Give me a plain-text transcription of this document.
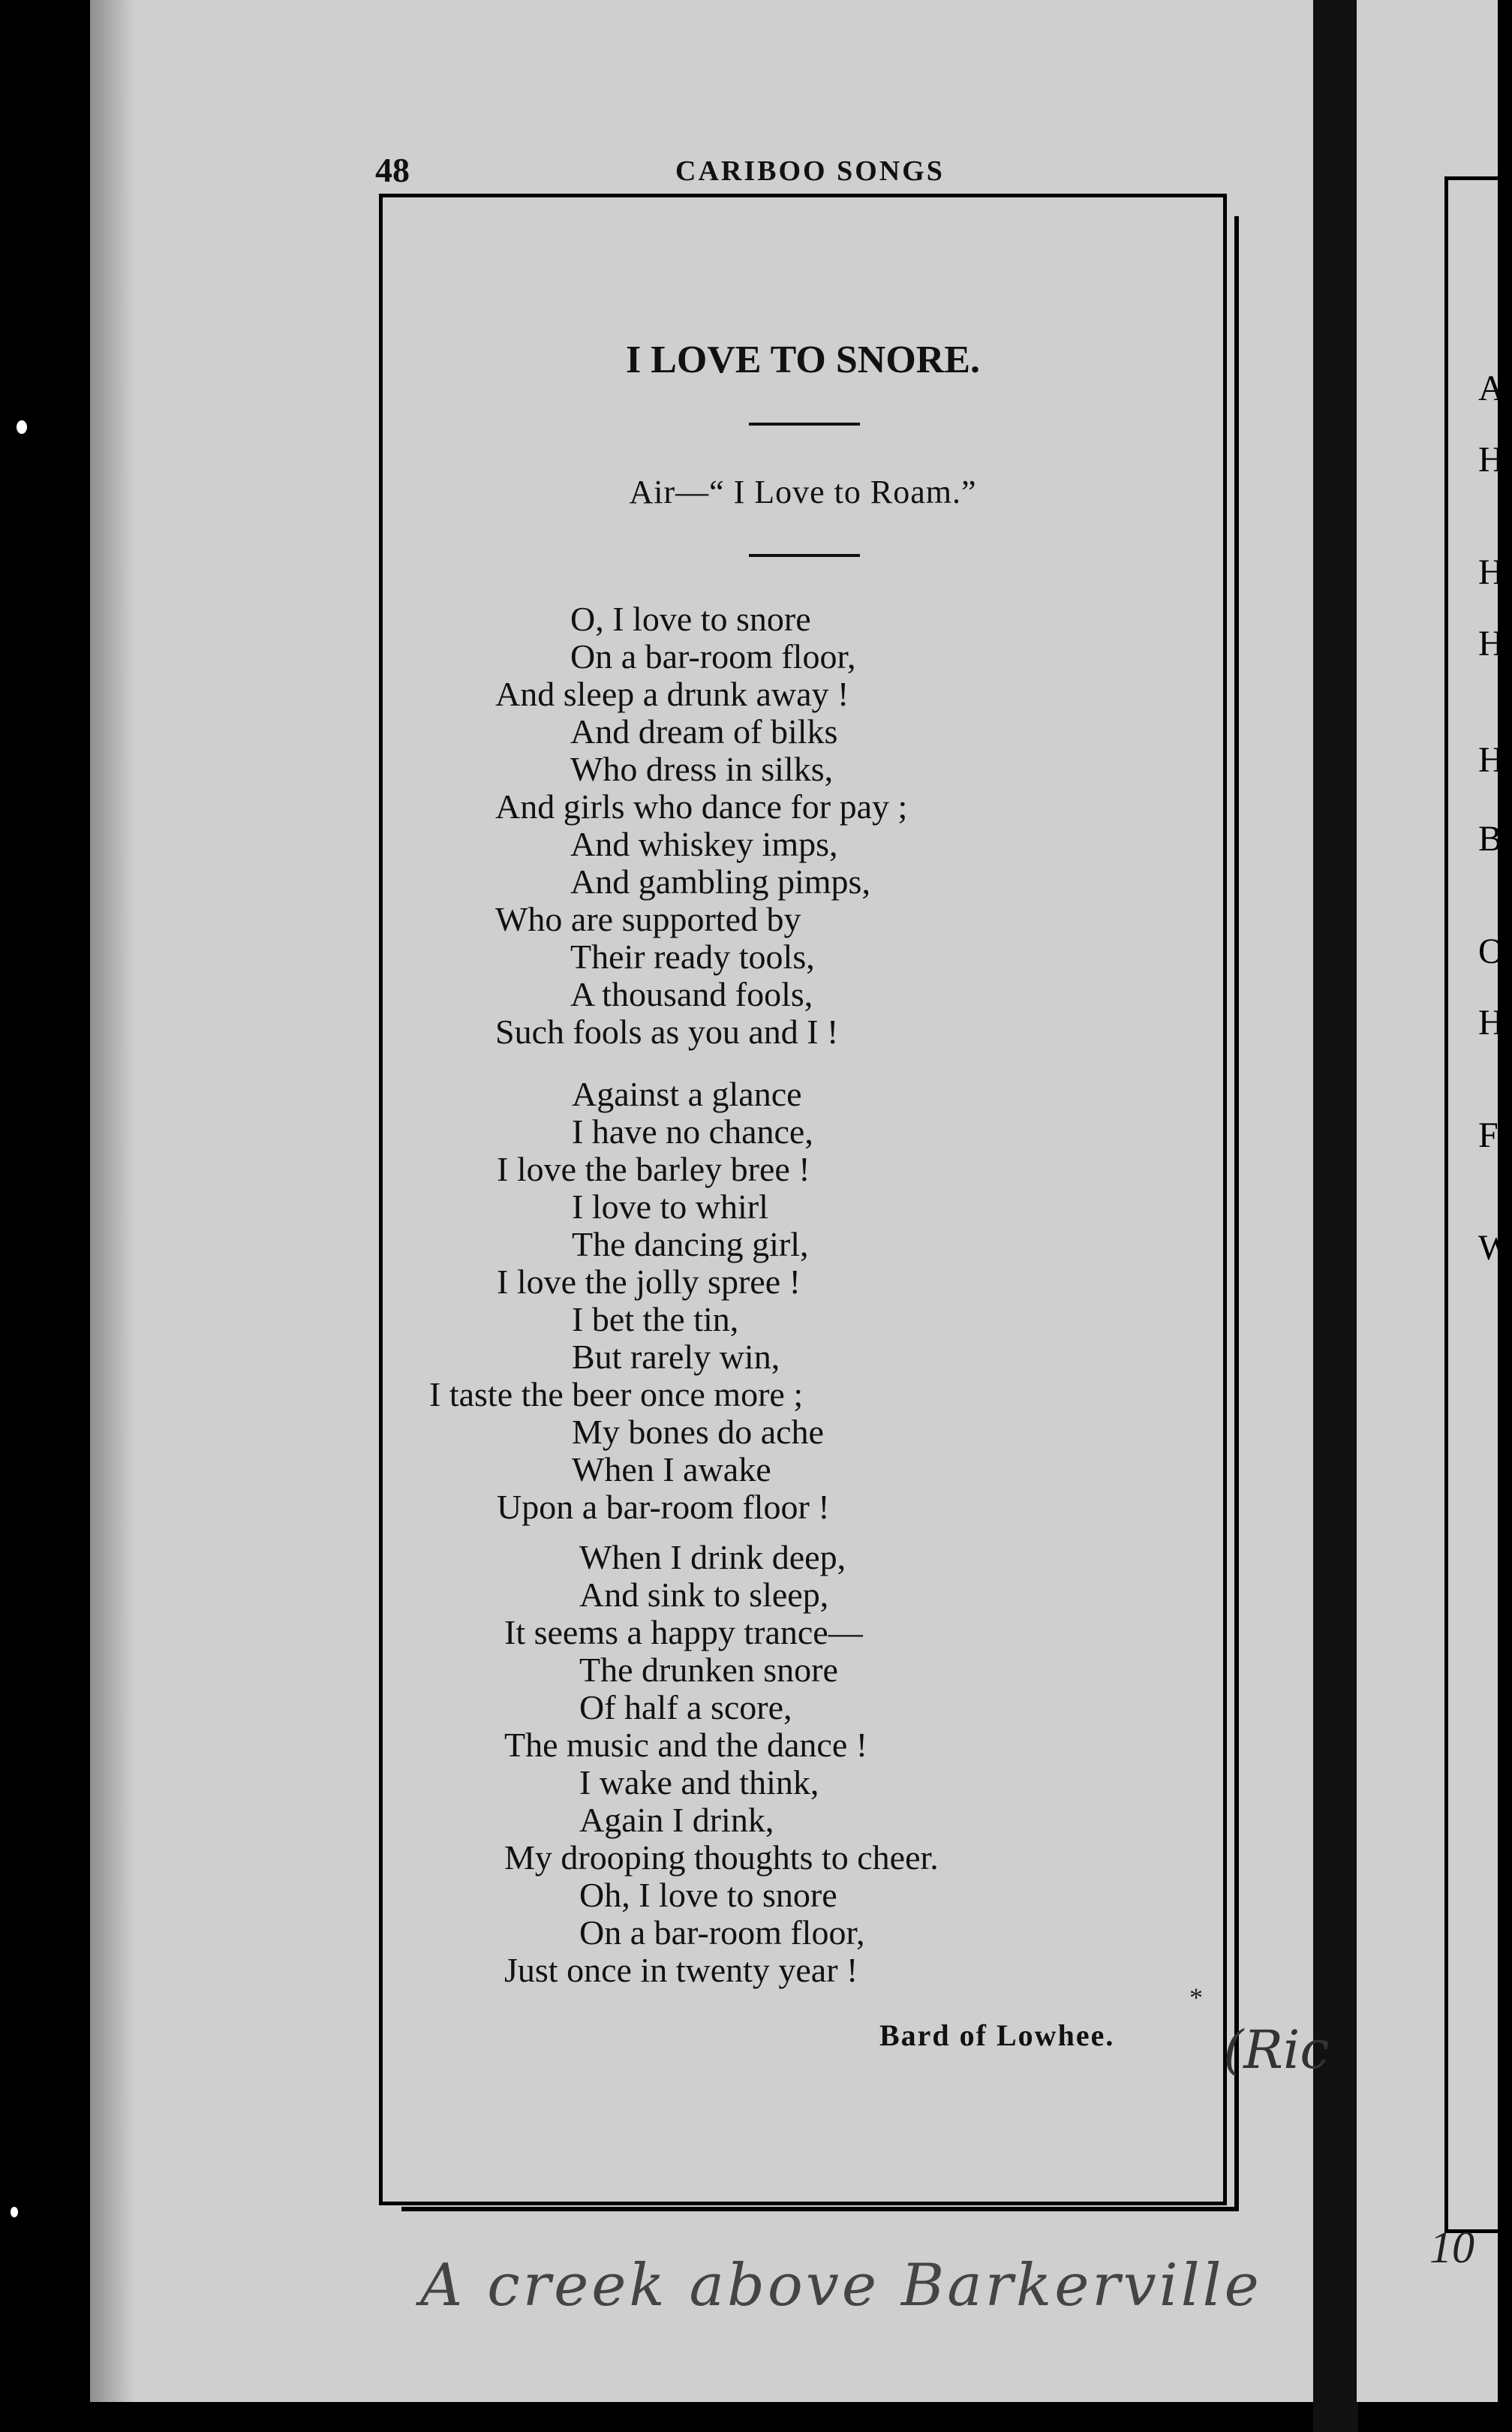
A
H
H
H
H
B
O
H
F
W
10
48	CARIBOO SONGS
I LOVE TO SNORE.
Air—“ I Love to Roam.”
O, I love to snore
On a bar-room floor,
And sleep a drunk away !
And dream of bilks
Who dress in silks,
And girls who dance for pay ;
And whiskey imps,
And gambling pimps,
Who are supported by
Their ready tools,
A thousand fools,
Such fools as you and I !
Against a glance
I have no chance,
I love the barley bree !
I love to whirl
The dancing girl,
I love the jolly spree !
I bet the tin,
But rarely win,
I taste the beer once more ;
My bones do ache
When I awake
Upon a bar-room floor !
When I drink deep,
And sink to sleep,
It seems a happy trance—
The drunken snore
Of half a score,
The music and the dance !
I wake and think,
Again I drink,
My drooping thoughts to cheer.
Oh, I love to snore
On a bar-room floor,
Just once in twenty year !
*
Bard of Lowhee. (Ric
A creek above Barkerville
